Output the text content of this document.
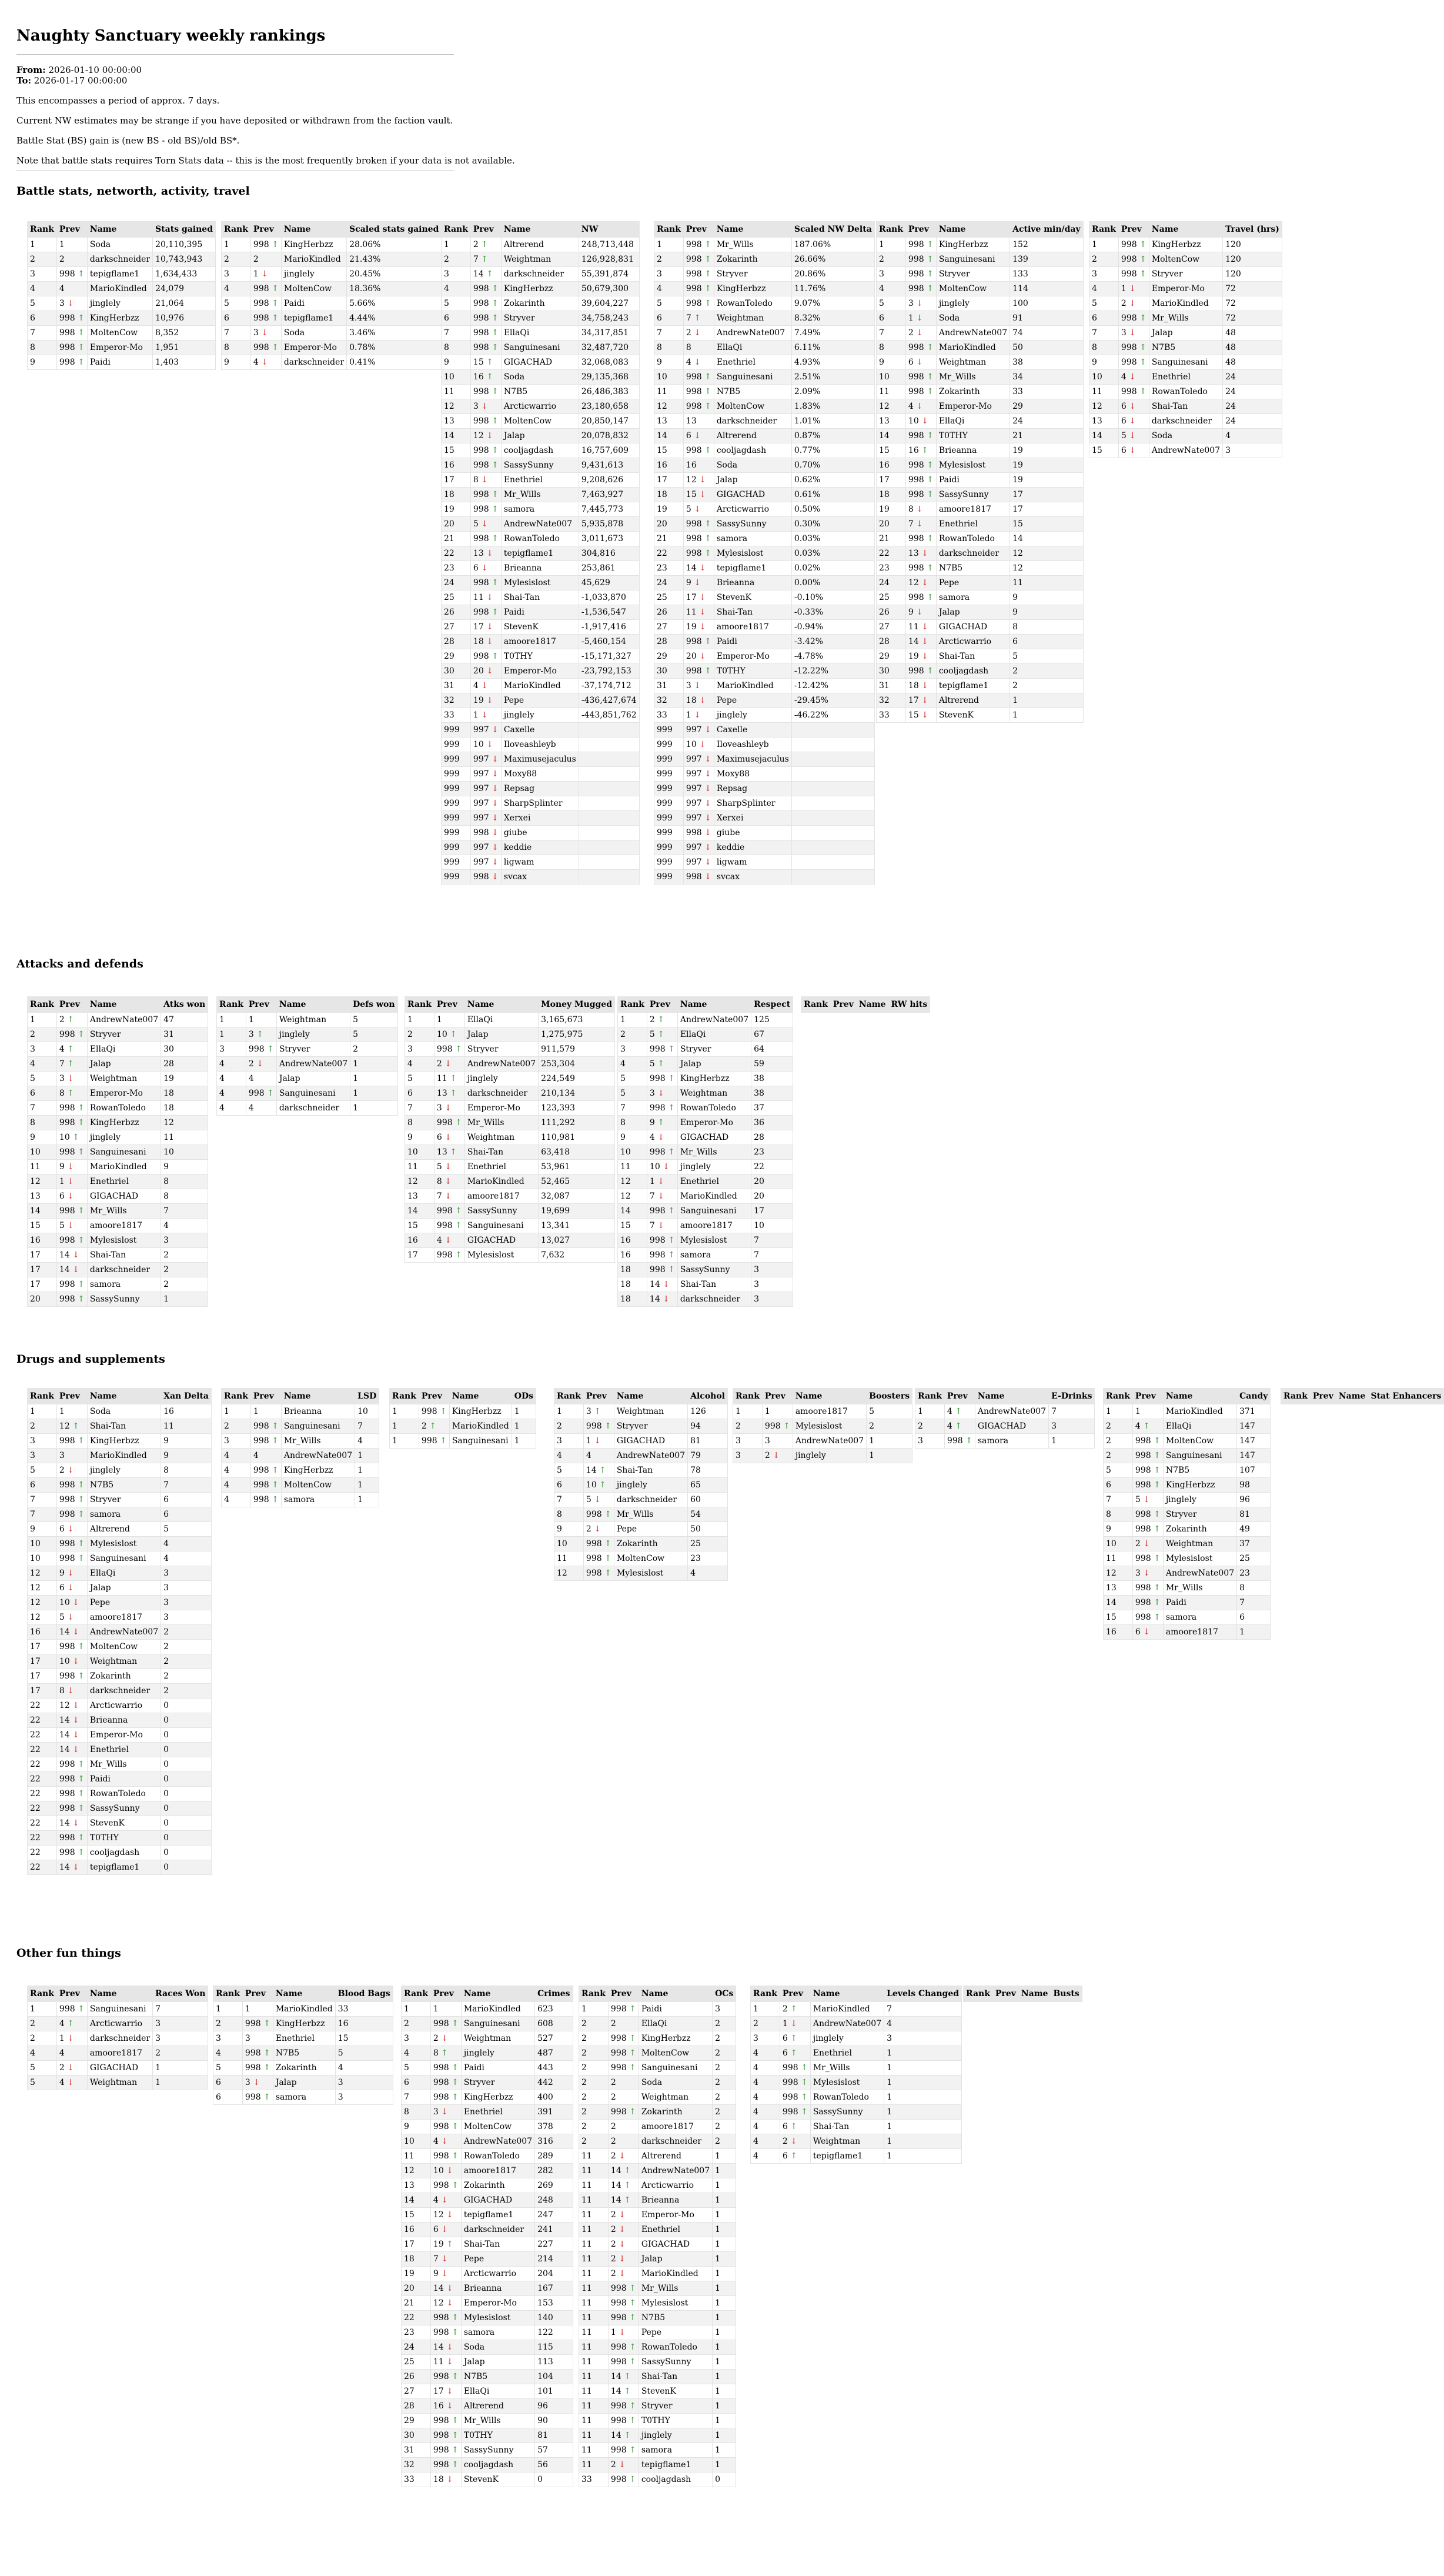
Naughty Sanctuary weekly rankings
From: 2026-01-10 00:00:00
To: 2026-01-17 00:00:00
This encompasses a period of approx. 7 days.
Current NW estimates may be strange if you have deposited or withdrawn from the faction vault.
Battle Stat (BS) gain is (new BS - old BS)/old BS*.
Note that battle stats requires Torn Stats data -- this is the most frequently broken if your data is not available.
Battle stats, networth, activity, travel
Attacks and defends
Drugs and supplements
Other fun things
Rank	Prev	Name	Stats gained
1	1	Soda	20,110,395
2	2	darkschneider	10,743,943
3	998 ↑	tepigflame1	1,634,433
4	4	MarioKindled	24,079
5	3 ↓	jinglely	21,064
6	998 ↑	KingHerbzz	10,976
7	998 ↑	MoltenCow	8,352
8	998 ↑	Emperor-Mo	1,951
9	998 ↑	Paidi	1,403
Rank	Prev	Name	Scaled stats gained
1	998 ↑	KingHerbzz	28.06%
2	2	MarioKindled	21.43%
3	1 ↓	jinglely	20.45%
4	998 ↑	MoltenCow	18.36%
5	998 ↑	Paidi	5.66%
6	998 ↑	tepigflame1	4.44%
7	3 ↓	Soda	3.46%
8	998 ↑	Emperor-Mo	0.78%
9	4 ↓	darkschneider	0.41%
Rank	Prev	Name	NW
1	2 ↑	Altrerend	248,713,448
2	7 ↑	Weightman	126,928,831
3	14 ↑	darkschneider	55,391,874
4	998 ↑	KingHerbzz	50,679,300
5	998 ↑	Zokarinth	39,604,227
6	998 ↑	Stryver	34,758,243
7	998 ↑	EllaQi	34,317,851
8	998 ↑	Sanguinesani	32,487,720
9	15 ↑	GIGACHAD	32,068,083
10	16 ↑	Soda	29,135,368
11	998 ↑	N7B5	26,486,383
12	3 ↓	Arcticwarrio	23,180,658
13	998 ↑	MoltenCow	20,850,147
14	12 ↓	Jalap	20,078,832
15	998 ↑	cooljagdash	16,757,609
16	998 ↑	SassySunny	9,431,613
17	8 ↓	Enethriel	9,208,626
18	998 ↑	Mr_Wills	7,463,927
19	998 ↑	samora	7,445,773
20	5 ↓	AndrewNate007	5,935,878
21	998 ↑	RowanToledo	3,011,673
22	13 ↓	tepigflame1	304,816
23	6 ↓	Brieanna	253,861
24	998 ↑	Mylesislost	45,629
25	11 ↓	Shai-Tan	-1,033,870
26	998 ↑	Paidi	-1,536,547
27	17 ↓	StevenK	-1,917,416
28	18 ↓	amoore1817	-5,460,154
29	998 ↑	T0THY	-15,171,327
30	20 ↓	Emperor-Mo	-23,792,153
31	4 ↓	MarioKindled	-37,174,712
32	19 ↓	Pepe	-436,427,674
33	1 ↓	jinglely	-443,851,762
999	997 ↓	Caxelle	
999	10 ↓	Iloveashleyb	
999	997 ↓	Maximusejaculus	
999	997 ↓	Moxy88	
999	997 ↓	Repsag	
999	997 ↓	SharpSplinter	
999	997 ↓	Xerxei	
999	998 ↓	giube	
999	997 ↓	keddie	
999	997 ↓	ligwam	
999	998 ↓	svcax	
Rank	Prev	Name	Scaled NW Delta
1	998 ↑	Mr_Wills	187.06%
2	998 ↑	Zokarinth	26.66%
3	998 ↑	Stryver	20.86%
4	998 ↑	KingHerbzz	11.76%
5	998 ↑	RowanToledo	9.07%
6	7 ↑	Weightman	8.32%
7	2 ↓	AndrewNate007	7.49%
8	8	EllaQi	6.11%
9	4 ↓	Enethriel	4.93%
10	998 ↑	Sanguinesani	2.51%
11	998 ↑	N7B5	2.09%
12	998 ↑	MoltenCow	1.83%
13	13	darkschneider	1.01%
14	6 ↓	Altrerend	0.87%
15	998 ↑	cooljagdash	0.77%
16	16	Soda	0.70%
17	12 ↓	Jalap	0.62%
18	15 ↓	GIGACHAD	0.61%
19	5 ↓	Arcticwarrio	0.50%
20	998 ↑	SassySunny	0.30%
21	998 ↑	samora	0.03%
22	998 ↑	Mylesislost	0.03%
23	14 ↓	tepigflame1	0.02%
24	9 ↓	Brieanna	0.00%
25	17 ↓	StevenK	-0.10%
26	11 ↓	Shai-Tan	-0.33%
27	19 ↓	amoore1817	-0.94%
28	998 ↑	Paidi	-3.42%
29	20 ↓	Emperor-Mo	-4.78%
30	998 ↑	T0THY	-12.22%
31	3 ↓	MarioKindled	-12.42%
32	18 ↓	Pepe	-29.45%
33	1 ↓	jinglely	-46.22%
999	997 ↓	Caxelle	
999	10 ↓	Iloveashleyb	
999	997 ↓	Maximusejaculus	
999	997 ↓	Moxy88	
999	997 ↓	Repsag	
999	997 ↓	SharpSplinter	
999	997 ↓	Xerxei	
999	998 ↓	giube	
999	997 ↓	keddie	
999	997 ↓	ligwam	
999	998 ↓	svcax	
Rank	Prev	Name	Active min/day
1	998 ↑	KingHerbzz	152
2	998 ↑	Sanguinesani	139
3	998 ↑	Stryver	133
4	998 ↑	MoltenCow	114
5	3 ↓	jinglely	100
6	1 ↓	Soda	91
7	2 ↓	AndrewNate007	74
8	998 ↑	MarioKindled	50
9	6 ↓	Weightman	38
10	998 ↑	Mr_Wills	34
11	998 ↑	Zokarinth	33
12	4 ↓	Emperor-Mo	29
13	10 ↓	EllaQi	24
14	998 ↑	T0THY	21
15	16 ↑	Brieanna	19
16	998 ↑	Mylesislost	19
17	998 ↑	Paidi	19
18	998 ↑	SassySunny	17
19	8 ↓	amoore1817	17
20	7 ↓	Enethriel	15
21	998 ↑	RowanToledo	14
22	13 ↓	darkschneider	12
23	998 ↑	N7B5	12
24	12 ↓	Pepe	11
25	998 ↑	samora	9
26	9 ↓	Jalap	9
27	11 ↓	GIGACHAD	8
28	14 ↓	Arcticwarrio	6
29	19 ↓	Shai-Tan	5
30	998 ↑	cooljagdash	2
31	18 ↓	tepigflame1	2
32	17 ↓	Altrerend	1
33	15 ↓	StevenK	1
Rank	Prev	Name	Travel (hrs)
1	998 ↑	KingHerbzz	120
2	998 ↑	MoltenCow	120
3	998 ↑	Stryver	120
4	1 ↓	Emperor-Mo	72
5	2 ↓	MarioKindled	72
6	998 ↑	Mr_Wills	72
7	3 ↓	Jalap	48
8	998 ↑	N7B5	48
9	998 ↑	Sanguinesani	48
10	4 ↓	Enethriel	24
11	998 ↑	RowanToledo	24
12	6 ↓	Shai-Tan	24
13	6 ↓	darkschneider	24
14	5 ↓	Soda	4
15	6 ↓	AndrewNate007	3
Rank	Prev	Name	Atks won
1	2 ↑	AndrewNate007	47
2	998 ↑	Stryver	31
3	4 ↑	EllaQi	30
4	7 ↑	Jalap	28
5	3 ↓	Weightman	19
6	8 ↑	Emperor-Mo	18
7	998 ↑	RowanToledo	18
8	998 ↑	KingHerbzz	12
9	10 ↑	jinglely	11
10	998 ↑	Sanguinesani	10
11	9 ↓	MarioKindled	9
12	1 ↓	Enethriel	8
13	6 ↓	GIGACHAD	8
14	998 ↑	Mr_Wills	7
15	5 ↓	amoore1817	4
16	998 ↑	Mylesislost	3
17	14 ↓	Shai-Tan	2
17	14 ↓	darkschneider	2
17	998 ↑	samora	2
20	998 ↑	SassySunny	1
Rank	Prev	Name	Defs won
1	1	Weightman	5
1	3 ↑	jinglely	5
3	998 ↑	Stryver	2
4	2 ↓	AndrewNate007	1
4	4	Jalap	1
4	998 ↑	Sanguinesani	1
4	4	darkschneider	1
Rank	Prev	Name	Money Mugged
1	1	EllaQi	3,165,673
2	10 ↑	Jalap	1,275,975
3	998 ↑	Stryver	911,579
4	2 ↓	AndrewNate007	253,304
5	11 ↑	jinglely	224,549
6	13 ↑	darkschneider	210,134
7	3 ↓	Emperor-Mo	123,393
8	998 ↑	Mr_Wills	111,292
9	6 ↓	Weightman	110,981
10	13 ↑	Shai-Tan	63,418
11	5 ↓	Enethriel	53,961
12	8 ↓	MarioKindled	52,465
13	7 ↓	amoore1817	32,087
14	998 ↑	SassySunny	19,699
15	998 ↑	Sanguinesani	13,341
16	4 ↓	GIGACHAD	13,027
17	998 ↑	Mylesislost	7,632
Rank	Prev	Name	Respect
1	2 ↑	AndrewNate007	125
2	5 ↑	EllaQi	67
3	998 ↑	Stryver	64
4	5 ↑	Jalap	59
5	998 ↑	KingHerbzz	38
5	3 ↓	Weightman	38
7	998 ↑	RowanToledo	37
8	9 ↑	Emperor-Mo	36
9	4 ↓	GIGACHAD	28
10	998 ↑	Mr_Wills	23
11	10 ↓	jinglely	22
12	1 ↓	Enethriel	20
12	7 ↓	MarioKindled	20
14	998 ↑	Sanguinesani	17
15	7 ↓	amoore1817	10
16	998 ↑	Mylesislost	7
16	998 ↑	samora	7
18	998 ↑	SassySunny	3
18	14 ↓	Shai-Tan	3
18	14 ↓	darkschneider	3
Rank	Prev	Name	RW hits
Rank	Prev	Name	Xan Delta
1	1	Soda	16
2	12 ↑	Shai-Tan	11
3	998 ↑	KingHerbzz	9
3	3	MarioKindled	9
5	2 ↓	jinglely	8
6	998 ↑	N7B5	7
7	998 ↑	Stryver	6
7	998 ↑	samora	6
9	6 ↓	Altrerend	5
10	998 ↑	Mylesislost	4
10	998 ↑	Sanguinesani	4
12	9 ↓	EllaQi	3
12	6 ↓	Jalap	3
12	10 ↓	Pepe	3
12	5 ↓	amoore1817	3
16	14 ↓	AndrewNate007	2
17	998 ↑	MoltenCow	2
17	10 ↓	Weightman	2
17	998 ↑	Zokarinth	2
17	8 ↓	darkschneider	2
22	12 ↓	Arcticwarrio	0
22	14 ↓	Brieanna	0
22	14 ↓	Emperor-Mo	0
22	14 ↓	Enethriel	0
22	998 ↑	Mr_Wills	0
22	998 ↑	Paidi	0
22	998 ↑	RowanToledo	0
22	998 ↑	SassySunny	0
22	14 ↓	StevenK	0
22	998 ↑	T0THY	0
22	998 ↑	cooljagdash	0
22	14 ↓	tepigflame1	0
Rank	Prev	Name	LSD
1	1	Brieanna	10
2	998 ↑	Sanguinesani	7
3	998 ↑	Mr_Wills	4
4	4	AndrewNate007	1
4	998 ↑	KingHerbzz	1
4	998 ↑	MoltenCow	1
4	998 ↑	samora	1
Rank	Prev	Name	ODs
1	998 ↑	KingHerbzz	1
1	2 ↑	MarioKindled	1
1	998 ↑	Sanguinesani	1
Rank	Prev	Name	Alcohol
1	3 ↑	Weightman	126
2	998 ↑	Stryver	94
3	1 ↓	GIGACHAD	81
4	4	AndrewNate007	79
5	14 ↑	Shai-Tan	78
6	10 ↑	jinglely	65
7	5 ↓	darkschneider	60
8	998 ↑	Mr_Wills	54
9	2 ↓	Pepe	50
10	998 ↑	Zokarinth	25
11	998 ↑	MoltenCow	23
12	998 ↑	Mylesislost	4
Rank	Prev	Name	Boosters
1	1	amoore1817	5
2	998 ↑	Mylesislost	2
3	3	AndrewNate007	1
3	2 ↓	jinglely	1
Rank	Prev	Name	E-Drinks
1	4 ↑	AndrewNate007	7
2	4 ↑	GIGACHAD	3
3	998 ↑	samora	1
Rank	Prev	Name	Candy
1	1	MarioKindled	371
2	4 ↑	EllaQi	147
2	998 ↑	MoltenCow	147
2	998 ↑	Sanguinesani	147
5	998 ↑	N7B5	107
6	998 ↑	KingHerbzz	98
7	5 ↓	jinglely	96
8	998 ↑	Stryver	81
9	998 ↑	Zokarinth	49
10	2 ↓	Weightman	37
11	998 ↑	Mylesislost	25
12	3 ↓	AndrewNate007	23
13	998 ↑	Mr_Wills	8
14	998 ↑	Paidi	7
15	998 ↑	samora	6
16	6 ↓	amoore1817	1
Rank	Prev	Name	Stat Enhancers
Rank	Prev	Name	Races Won
1	998 ↑	Sanguinesani	7
2	4 ↑	Arcticwarrio	3
2	1 ↓	darkschneider	3
4	4	amoore1817	2
5	2 ↓	GIGACHAD	1
5	4 ↓	Weightman	1
Rank	Prev	Name	Blood Bags
1	1	MarioKindled	33
2	998 ↑	KingHerbzz	16
3	3	Enethriel	15
4	998 ↑	N7B5	5
5	998 ↑	Zokarinth	4
6	3 ↓	Jalap	3
6	998 ↑	samora	3
Rank	Prev	Name	Crimes
1	1	MarioKindled	623
2	998 ↑	Sanguinesani	608
3	2 ↓	Weightman	527
4	8 ↑	jinglely	487
5	998 ↑	Paidi	443
6	998 ↑	Stryver	442
7	998 ↑	KingHerbzz	400
8	3 ↓	Enethriel	391
9	998 ↑	MoltenCow	378
10	4 ↓	AndrewNate007	316
11	998 ↑	RowanToledo	289
12	10 ↓	amoore1817	282
13	998 ↑	Zokarinth	269
14	4 ↓	GIGACHAD	248
15	12 ↓	tepigflame1	247
16	6 ↓	darkschneider	241
17	19 ↑	Shai-Tan	227
18	7 ↓	Pepe	214
19	9 ↓	Arcticwarrio	204
20	14 ↓	Brieanna	167
21	12 ↓	Emperor-Mo	153
22	998 ↑	Mylesislost	140
23	998 ↑	samora	122
24	14 ↓	Soda	115
25	11 ↓	Jalap	113
26	998 ↑	N7B5	104
27	17 ↓	EllaQi	101
28	16 ↓	Altrerend	96
29	998 ↑	Mr_Wills	90
30	998 ↑	T0THY	81
31	998 ↑	SassySunny	57
32	998 ↑	cooljagdash	56
33	18 ↓	StevenK	0
Rank	Prev	Name	OCs
1	998 ↑	Paidi	3
2	2	EllaQi	2
2	998 ↑	KingHerbzz	2
2	998 ↑	MoltenCow	2
2	998 ↑	Sanguinesani	2
2	2	Soda	2
2	2	Weightman	2
2	998 ↑	Zokarinth	2
2	2	amoore1817	2
2	2	darkschneider	2
11	2 ↓	Altrerend	1
11	14 ↑	AndrewNate007	1
11	14 ↑	Arcticwarrio	1
11	14 ↑	Brieanna	1
11	2 ↓	Emperor-Mo	1
11	2 ↓	Enethriel	1
11	2 ↓	GIGACHAD	1
11	2 ↓	Jalap	1
11	2 ↓	MarioKindled	1
11	998 ↑	Mr_Wills	1
11	998 ↑	Mylesislost	1
11	998 ↑	N7B5	1
11	1 ↓	Pepe	1
11	998 ↑	RowanToledo	1
11	998 ↑	SassySunny	1
11	14 ↑	Shai-Tan	1
11	14 ↑	StevenK	1
11	998 ↑	Stryver	1
11	998 ↑	T0THY	1
11	14 ↑	jinglely	1
11	998 ↑	samora	1
11	2 ↓	tepigflame1	1
33	998 ↑	cooljagdash	0
Rank	Prev	Name	Levels Changed
1	2 ↑	MarioKindled	7
2	1 ↓	AndrewNate007	4
3	6 ↑	jinglely	3
4	6 ↑	Enethriel	1
4	998 ↑	Mr_Wills	1
4	998 ↑	Mylesislost	1
4	998 ↑	RowanToledo	1
4	998 ↑	SassySunny	1
4	6 ↑	Shai-Tan	1
4	2 ↓	Weightman	1
4	6 ↑	tepigflame1	1
Rank	Prev	Name	Busts
